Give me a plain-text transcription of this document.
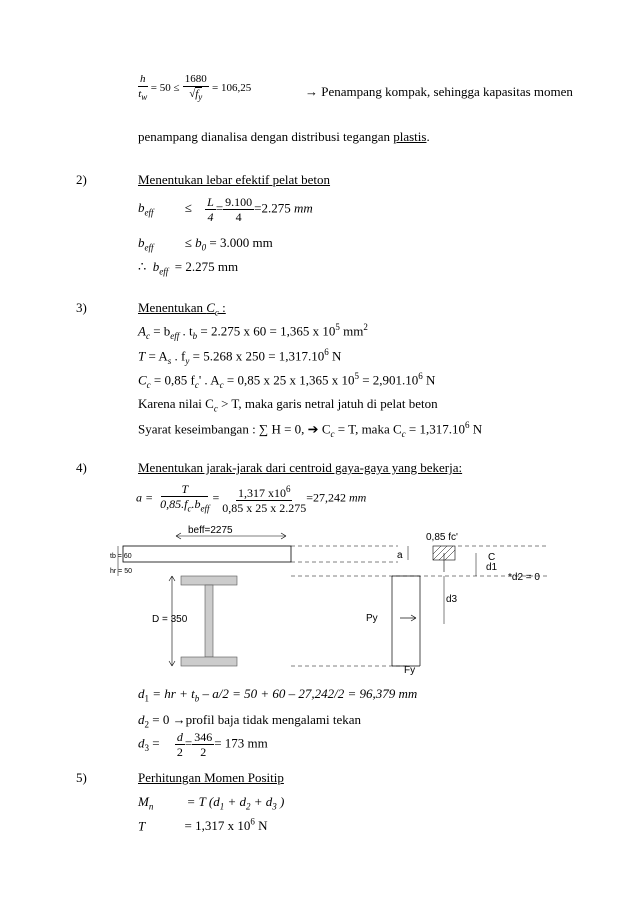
$\frac{h}{t_w} = 50 \le \frac{1680}{√f_y} = 106,25$	→ Penampang kompak, sehingga kapasitas momen
penampang dianalisa dengan distribusi tegangan plastis.
2)	Menentukan lebar efektif pelat beton
$b_{eff} \le \frac{L}{4} = \frac{9.100}{4} =2.275$ mm
$b_{eff} \le b_0 = 3.000$ mm
∴ $b_{eff} = 2.275$ mm
3)	Menentukan $C_c$ :
$A_c = b_{eff}$ . $t_b = 2.275$ x 60 = 1,365 x $10^5$ $mm^2$
$T = A_s$ . $f_y = 5.268$ x $250 = 1,317.10^6$ N
$C_c = 0,85$ $f_c'$ . $A_c = 0,85$ x 25 x 1,365 x $10^5 = 2,901.10^6$ N
Karena nilai $C_c > T$, maka garis netral jatuh di pelat beton
Syarat keseimbangan : ∑ H = 0, ➔ $C_c = T$, maka $C_c = 1,317.10^6$ N
4)	Menentukan jarak-jarak dari centroid gaya-gaya yang bekerja:
$a = \frac{T}{0,85.f_c.b_{eff}} = \frac{1,317 x10^6}{0,85 x 25 x 2.275} =27,242$ mm
beff=2275
tb = 60
hr = 50
D = 350
0,85 fc'
a	C
d1
*d2 = 0
Py
Fy
d3
$d_1$ = hr + $t_b - a/2 = 50 + 60 - 27,242/2 = 96,379$ mm
$d_2 = 0$ →profil baja tidak mengalami tekan
$d_3 = \frac{d}{2} = \frac{346}{2} = 173$ mm
5)	Perhitungan Momen Positip
$M_n$	= T ($d_1 + d_2 + d_3$ )
T	= 1,317 x $10^6$ N
